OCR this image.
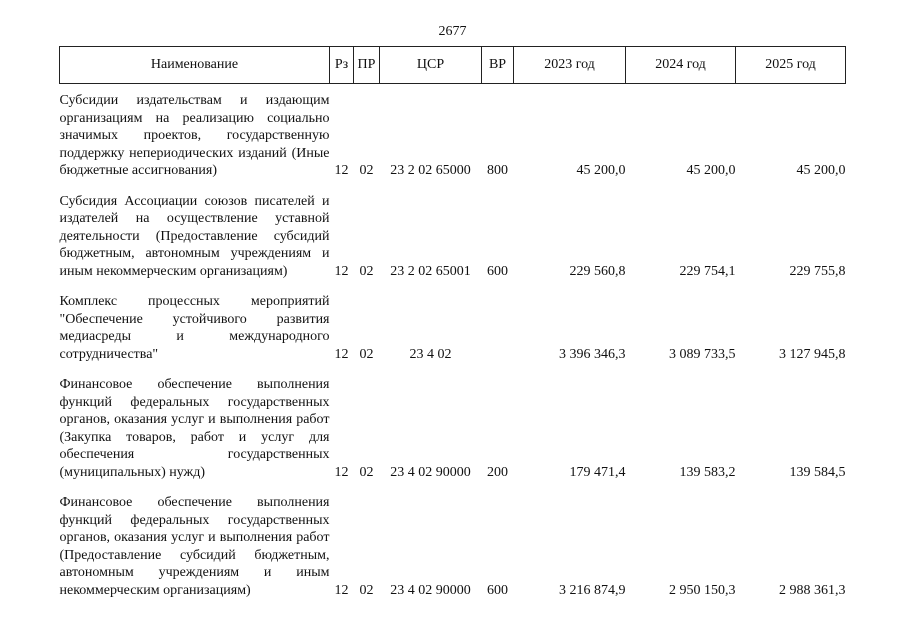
2677
Наименование	Рз	ПР	ЦСР	ВР	2023 год	2024 год	2025 год
Субсидии издательствам и издающим организациям на реализацию социально значимых проектов, государственную поддержку непериодических изданий (Иные бюджетные ассигнования)	12	02	23 2 02 65000	800	45 200,0	45 200,0	45 200,0
Субсидия Ассоциации союзов писателей и издателей на осуществление уставной деятельности (Предоставление субсидий бюджетным, автономным учреждениям и иным некоммерческим организациям)	12	02	23 2 02 65001	600	229 560,8	229 754,1	229 755,8
Комплекс процессных мероприятий "Обеспечение устойчивого развития медиасреды и международного сотрудничества"	12	02	23 4 02		3 396 346,3	3 089 733,5	3 127 945,8
Финансовое обеспечение выполнения функций федеральных государственных органов, оказания услуг и выполнения работ (Закупка товаров, работ и услуг для обеспечения государственных (муниципальных) нужд)	12	02	23 4 02 90000	200	179 471,4	139 583,2	139 584,5
Финансовое обеспечение выполнения функций федеральных государственных органов, оказания услуг и выполнения работ (Предоставление субсидий бюджетным, автономным учреждениям и иным некоммерческим организациям)	12	02	23 4 02 90000	600	3 216 874,9	2 950 150,3	2 988 361,3
